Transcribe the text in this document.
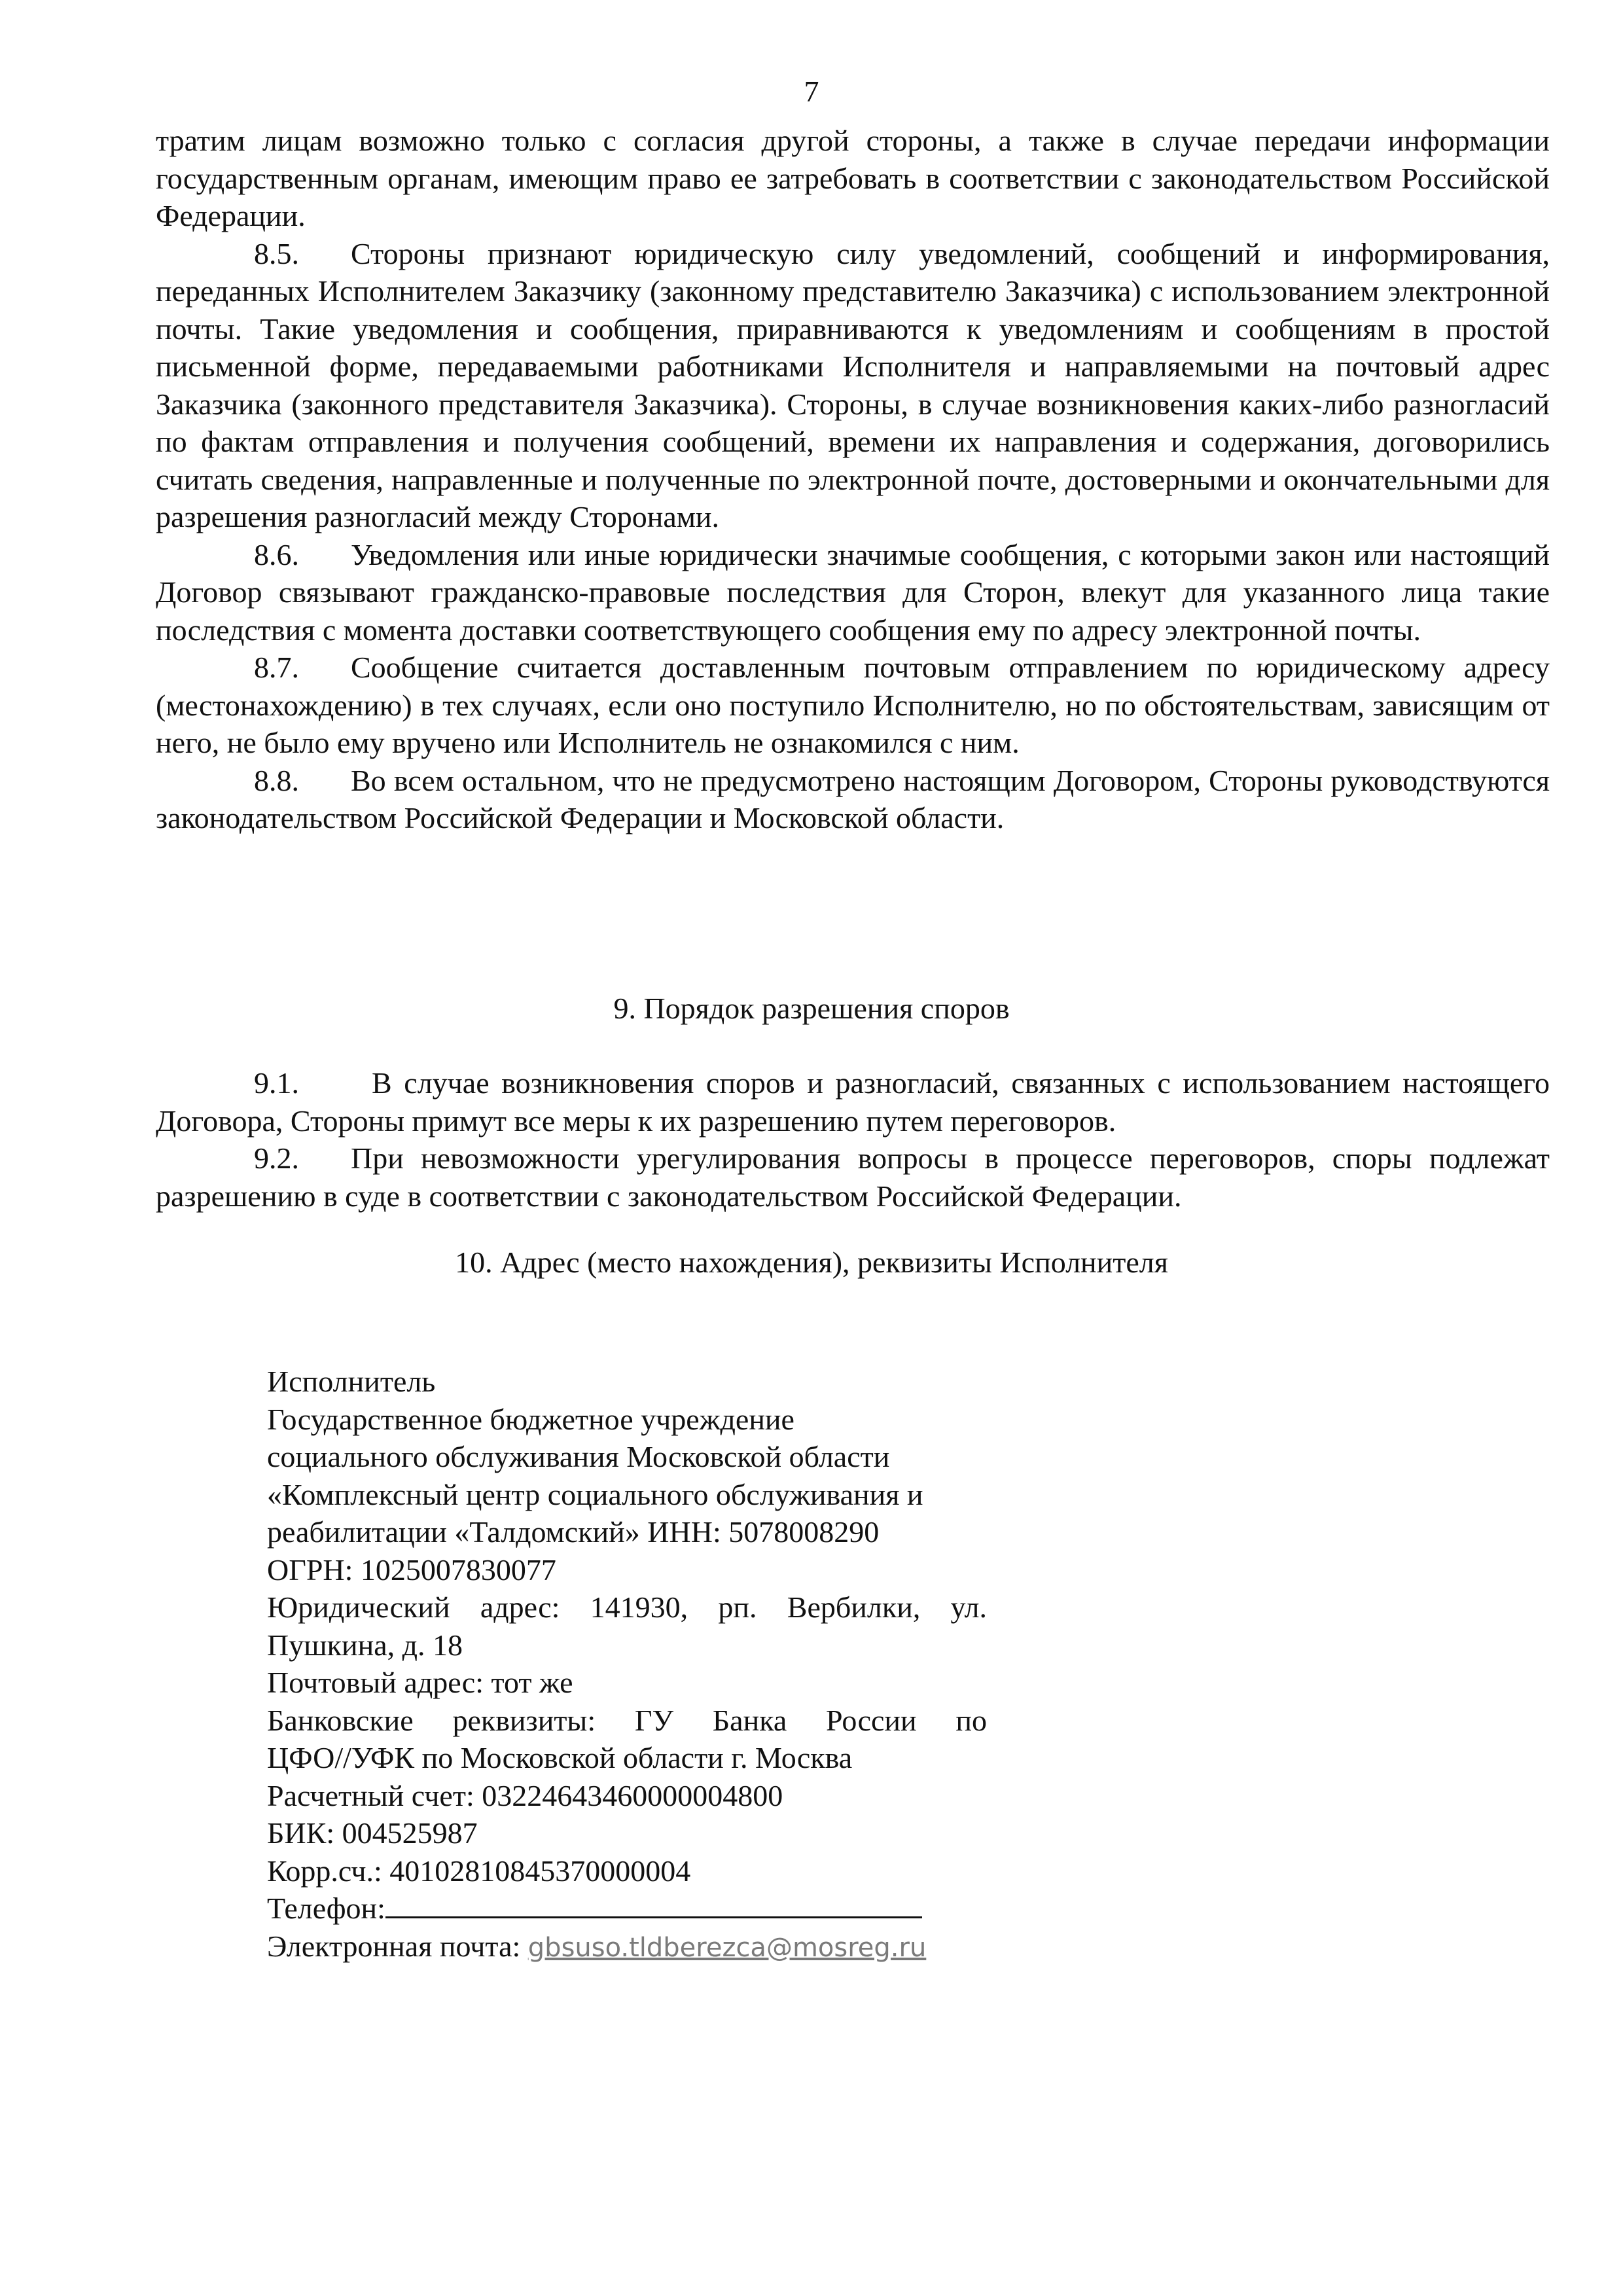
7

тратим лицам возможно только с согласия другой стороны, а также в случае передачи информации государственным органам, имеющим право ее затребовать в соответствии с законодательством Российской Федерации.

8.5. Стороны признают юридическую силу уведомлений, сообщений и информирования, переданных Исполнителем Заказчику (законному представителю Заказчика) с использованием электронной почты. Такие уведомления и сообщения, приравниваются к уведомлениям и сообщениям в простой письменной форме, передаваемыми работниками Исполнителя и направляемыми на почтовый адрес Заказчика (законного представителя Заказчика). Стороны, в случае возникновения каких-либо разногласий по фактам отправления и получения сообщений, времени их направления и содержания, договорились считать сведения, направленные и полученные по электронной почте, достоверными и окончательными для разрешения разногласий между Сторонами.

8.6. Уведомления или иные юридически значимые сообщения, с которыми закон или настоящий Договор связывают гражданско-правовые последствия для Сторон, влекут для указанного лица такие последствия с момента доставки соответствующего сообщения ему по адресу электронной почты.

8.7. Сообщение считается доставленным почтовым отправлением по юридическому адресу (местонахождению) в тех случаях, если оно поступило Исполнителю, но по обстоятельствам, зависящим от него, не было ему вручено или Исполнитель не ознакомился с ним.

8.8. Во всем остальном, что не предусмотрено настоящим Договором, Стороны руководствуются законодательством Российской Федерации и Московской области.

9. Порядок разрешения споров

9.1. В случае возникновения споров и разногласий, связанных с использованием настоящего Договора, Стороны примут все меры к их разрешению путем переговоров.

9.2. При невозможности урегулирования вопросы в процессе переговоров, споры подлежат разрешению в суде в соответствии с законодательством Российской Федерации.

10. Адрес (место нахождения), реквизиты Исполнителя

Исполнитель
Государственное бюджетное учреждение
социального обслуживания Московской области
«Комплексный центр социального обслуживания и
реабилитации «Талдомский» ИНН: 5078008290
ОГРН: 1025007830077
Юридический адрес: 141930, рп. Вербилки, ул.
Пушкина, д. 18
Почтовый адрес: тот же
Банковские реквизиты: ГУ Банка России по
ЦФО//УФК по Московской области г. Москва
Расчетный счет: 03224643460000004800
БИК: 004525987
Корр.сч.: 40102810845370000004
Телефон:
Электронная почта: gbsuso.tldberezca@mosreg.ru
